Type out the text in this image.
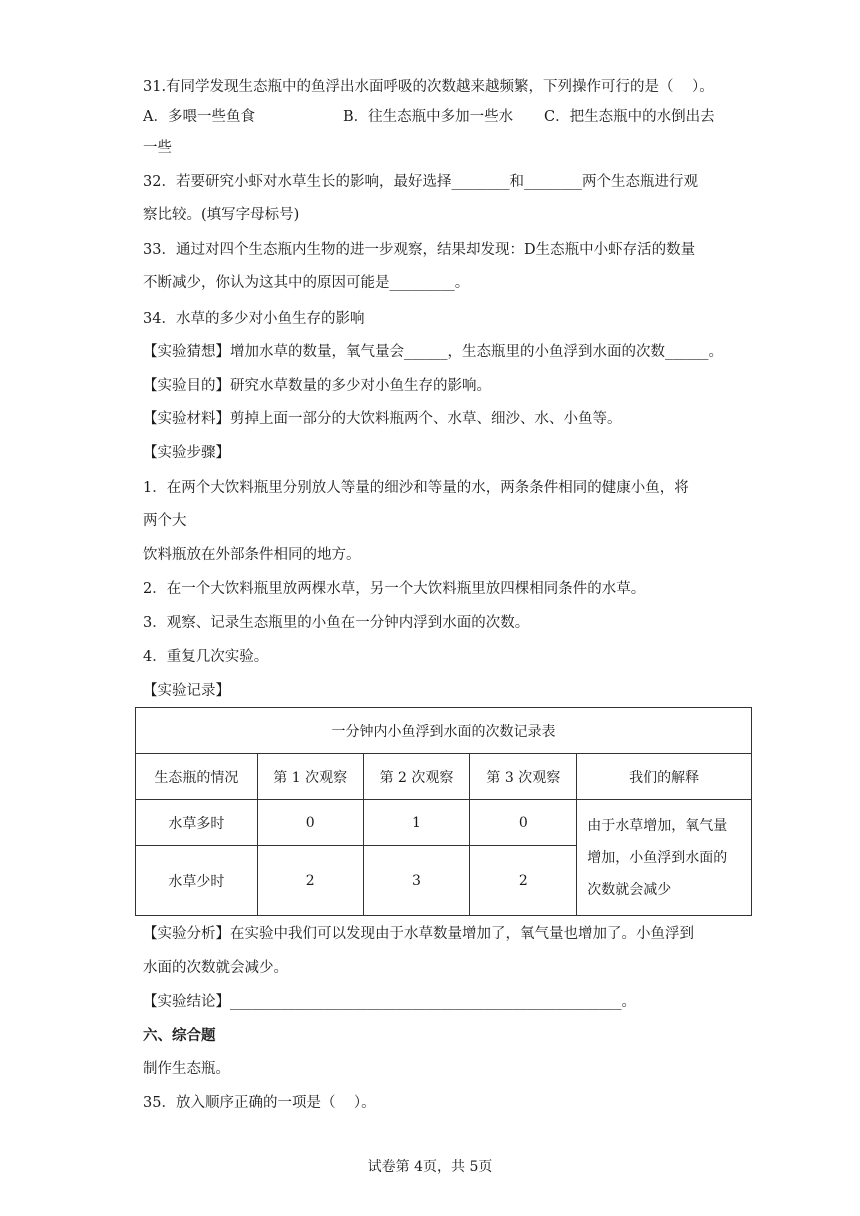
31.有同学发现生态瓶中的鱼浮出水面呼吸的次数越来越频繁，下列操作可行的是（    ）。
A．多喂一些鱼食	B．往生态瓶中多加一些水 C．把生态瓶中的水倒出去
一些
32．若要研究小虾对水草生长的影响，最好选择________和________两个生态瓶进行观
察比较。(填写字母标号)
33．通过对四个生态瓶内生物的进一步观察，结果却发现：D生态瓶中小虾存活的数量
不断减少，你认为这其中的原因可能是_________。
34．水草的多少对小鱼生存的影响
【实验猜想】增加水草的数量，氧气量会______，生态瓶里的小鱼浮到水面的次数______。
【实验目的】研究水草数量的多少对小鱼生存的影响。
【实验材料】剪掉上面一部分的大饮料瓶两个、水草、细沙、水、小鱼等。
【实验步骤】
1．在两个大饮料瓶里分别放人等量的细沙和等量的水，两条条件相同的健康小鱼，将
两个大
饮料瓶放在外部条件相同的地方。
2．在一个大饮料瓶里放两棵水草，另一个大饮料瓶里放四棵相同条件的水草。
3．观察、记录生态瓶里的小鱼在一分钟内浮到水面的次数。
4．重复几次实验。
【实验记录】
一分钟内小鱼浮到水面的次数记录表				
生态瓶的情况	第 1 次观察	第 2 次观察	第 3 次观察	我们的解释
水草多时	0	1	0	由于水草增加，氧气量增加，小鱼浮到水面的次数就会减少
水草少时	2	3	2	
【实验分析】在实验中我们可以发现由于水草数量增加了，氧气量也增加了。小鱼浮到
水面的次数就会减少。
【实验结论】______________________________________________________。
六、综合题
制作生态瓶。
35．放入顺序正确的一项是（    ）。
试卷第 4页，共 5页
